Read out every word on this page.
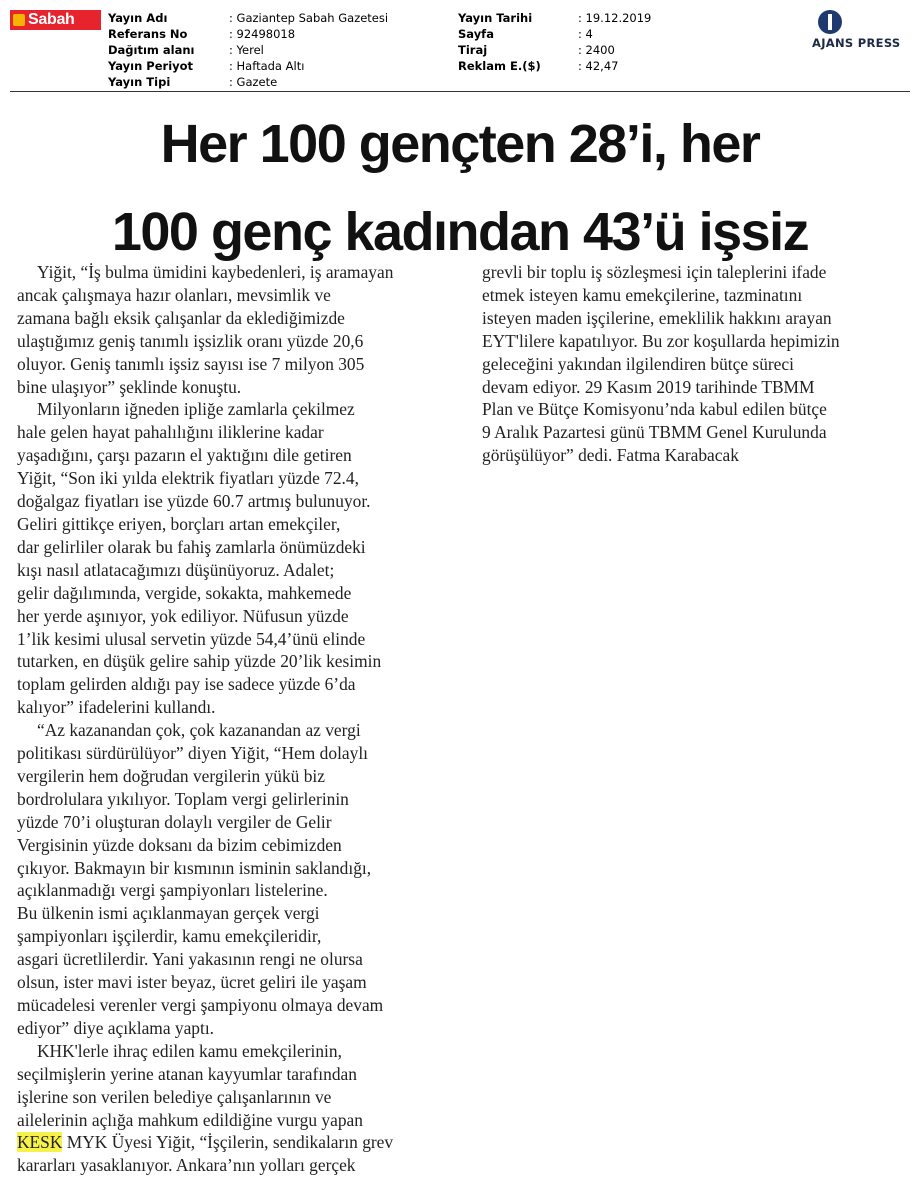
Sabah	Yayın Adı	: Gaziantep Sabah Gazetesi
Referans No	: 92498018
Dağıtım alanı	: Yerel
Yayın Periyot	: Haftada Altı
Yayın Tipi	: Gazete
Yayın Tarihi	: 19.12.2019
Sayfa	: 4
Tiraj	: 2400
Reklam E.($)	: 42,47
AJANS PRESS
Her 100 gençten 28’i, her
100 genç kadından 43’ü işsiz

Yiğit, “İş bulma ümidini kaybedenleri, iş aramayan
ancak çalışmaya hazır olanları, mevsimlik ve
zamana bağlı eksik çalışanlar da eklediğimizde
ulaştığımız geniş tanımlı işsizlik oranı yüzde 20,6
oluyor. Geniş tanımlı işsiz sayısı ise 7 milyon 305
bine ulaşıyor” şeklinde konuştu.

Milyonların iğneden ipliğe zamlarla çekilmez
hale gelen hayat pahalılığını iliklerine kadar
yaşadığını, çarşı pazarın el yaktığını dile getiren
Yiğit, “Son iki yılda elektrik fiyatları yüzde 72.4,
doğalgaz fiyatları ise yüzde 60.7 artmış bulunuyor.
Geliri gittikçe eriyen, borçları artan emekçiler,
dar gelirliler olarak bu fahiş zamlarla önümüzdeki
kışı nasıl atlatacağımızı düşünüyoruz. Adalet;
gelir dağılımında, vergide, sokakta, mahkemede
her yerde aşınıyor, yok ediliyor. Nüfusun yüzde
1’lik kesimi ulusal servetin yüzde 54,4’ünü elinde
tutarken, en düşük gelire sahip yüzde 20’lik kesimin
toplam gelirden aldığı pay ise sadece yüzde 6’da
kalıyor” ifadelerini kullandı.

“Az kazanandan çok, çok kazanandan az vergi
politikası sürdürülüyor” diyen Yiğit, “Hem dolaylı
vergilerin hem doğrudan vergilerin yükü biz
bordrolulara yıkılıyor. Toplam vergi gelirlerinin
yüzde 70’i oluşturan dolaylı vergiler de Gelir
Vergisinin yüzde doksanı da bizim cebimizden
çıkıyor. Bakmayın bir kısmının isminin saklandığı,
açıklanmadığı vergi şampiyonları listelerine.
Bu ülkenin ismi açıklanmayan gerçek vergi
şampiyonları işçilerdir, kamu emekçileridir,
asgari ücretlilerdir. Yani yakasının rengi ne olursa
olsun, ister mavi ister beyaz, ücret geliri ile yaşam
mücadelesi verenler vergi şampiyonu olmaya devam
ediyor” diye açıklama yaptı.

KHK'lerle ihraç edilen kamu emekçilerinin,
seçilmişlerin yerine atanan kayyumlar tarafından
işlerine son verilen belediye çalışanlarının ve
ailelerinin açlığa mahkum edildiğine vurgu yapan
KESK MYK Üyesi Yiğit, “İşçilerin, sendikaların grev
kararları yasaklanıyor. Ankara’nın yolları gerçek

grevli bir toplu iş sözleşmesi için taleplerini ifade
etmek isteyen kamu emekçilerine, tazminatını
isteyen maden işçilerine, emeklilik hakkını arayan
EYT'lilere kapatılıyor. Bu zor koşullarda hepimizin
geleceğini yakından ilgilendiren bütçe süreci
devam ediyor. 29 Kasım 2019 tarihinde TBMM
Plan ve Bütçe Komisyonu’nda kabul edilen bütçe
9 Aralık Pazartesi günü TBMM Genel Kurulunda
görüşülüyor” dedi. Fatma Karabacak
